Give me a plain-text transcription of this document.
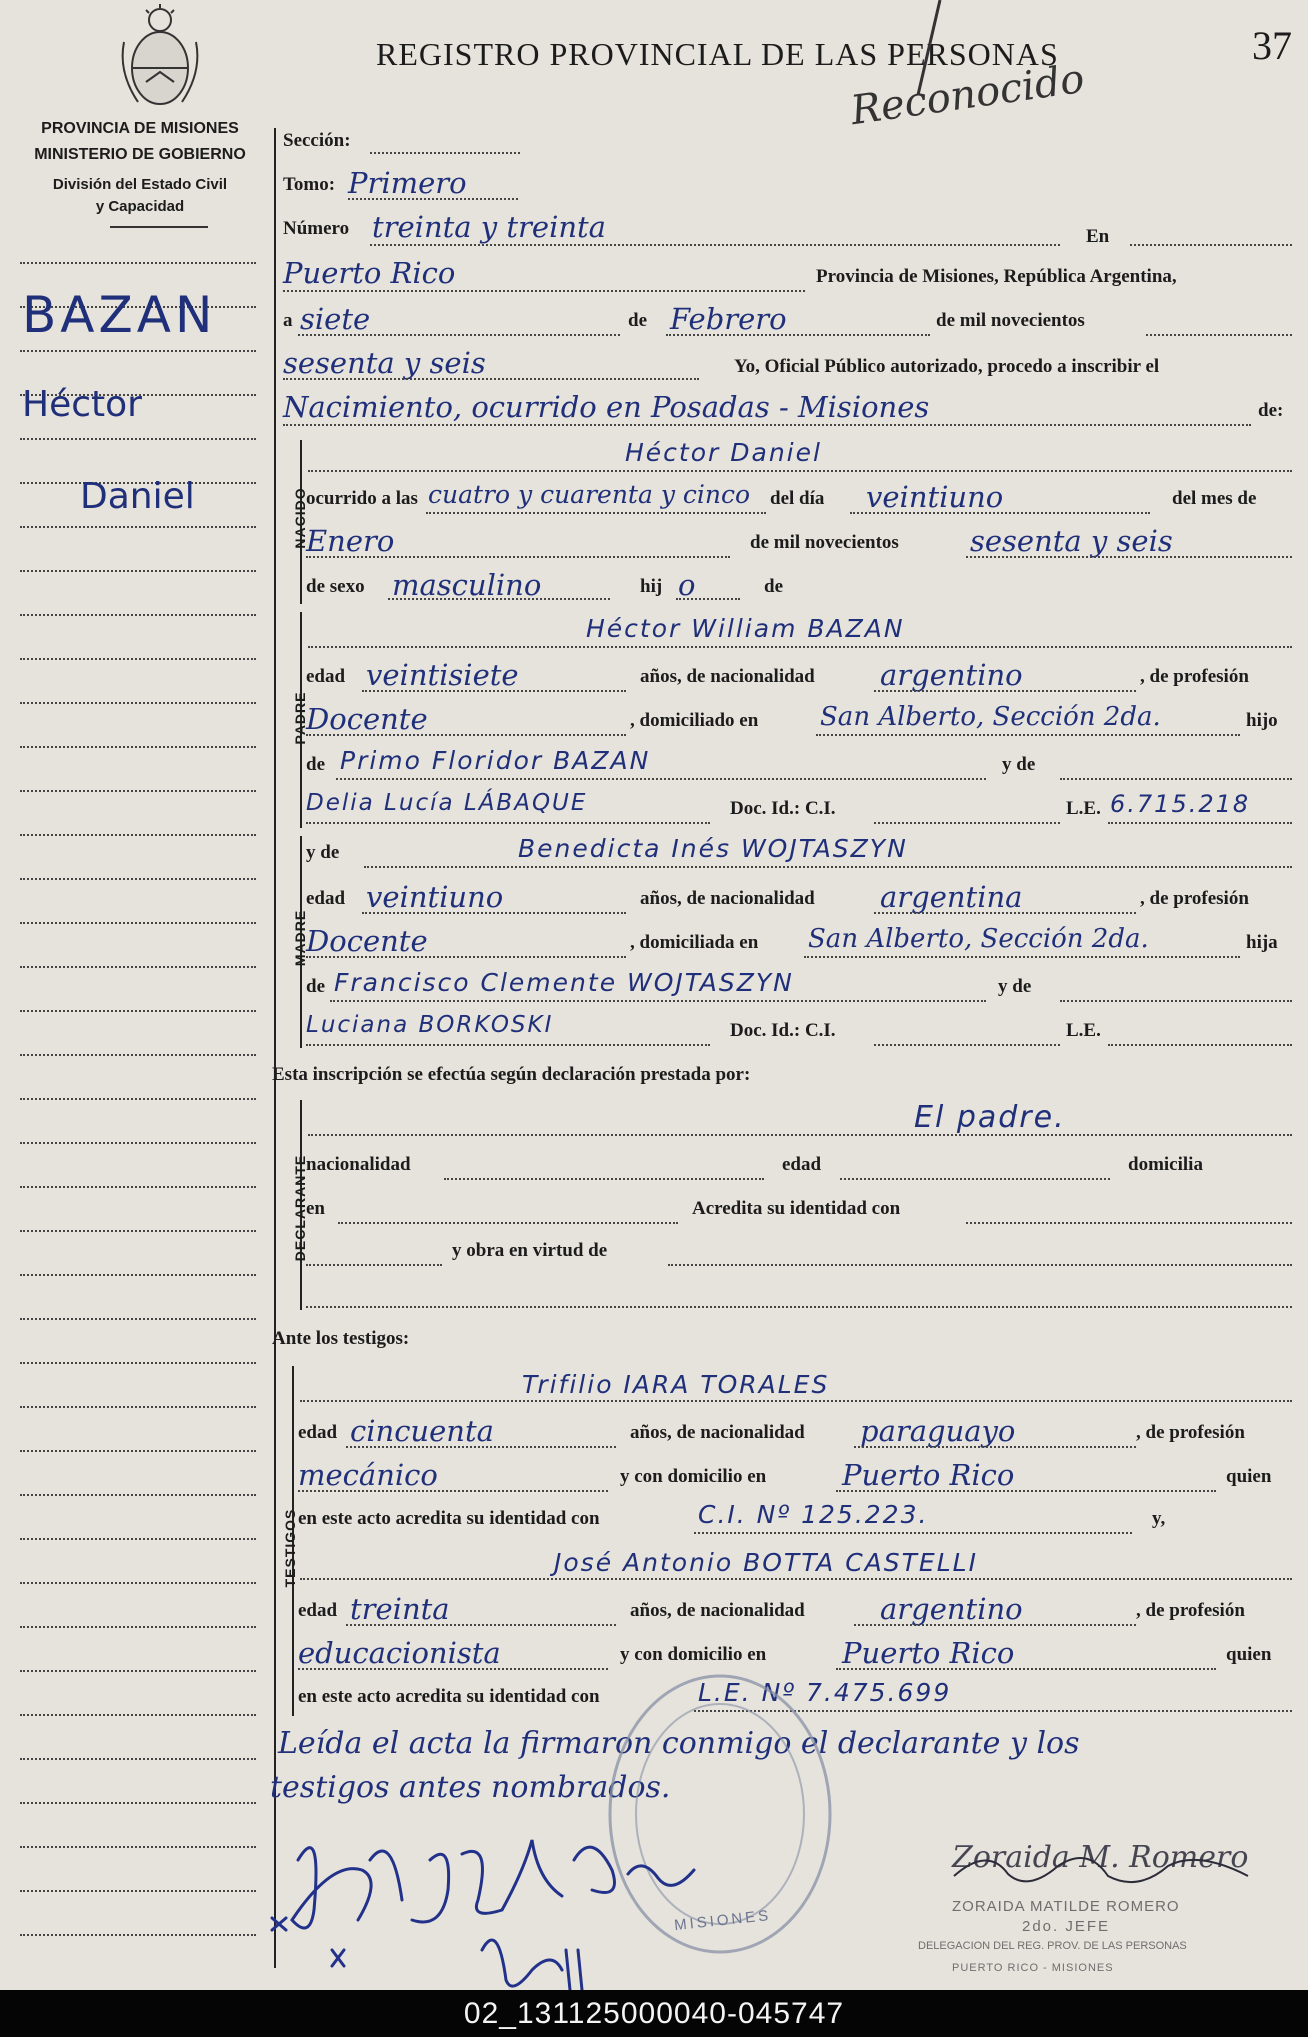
REGISTRO PROVINCIAL DE LAS PERSONAS	37
Reconocido
PROVINCIA DE MISIONES
MINISTERIO DE GOBIERNO
División del Estado Civil
y Capacidad
BAZAN
Héctor
Daniel
Sección:
Tomo: Primero
Número treinta y treinta	En
Puerto Rico	Provincia de Misiones, República Argentina,
a siete	de Febrero	de mil novecientos
sesenta y seis	Yo, Oficial Público autorizado, procedo a inscribir el
Nacimiento, ocurrido en Posadas - Misiones	de:
NACIDO
Héctor Daniel
ocurrido a las cuatro y cuarenta y cinco del día veintiuno	del mes de
Enero	de mil novecientos sesenta y seis
de sexo masculino	hij o	de
PADRE
Héctor William BAZAN
edad veintisiete	años, de nacionalidad argentino	, de profesión
Docente	, domiciliado en San Alberto, Sección 2da.	hijo
de Primo Floridor BAZAN	y de
Delia Lucía LÁBAQUE	Doc. Id.: C.I.	L.E. 6.715.218
MADRE
y de	Benedicta Inés WOJTASZYN
edad veintiuno	años, de nacionalidad argentina	, de profesión
Docente	, domiciliada en San Alberto, Sección 2da.	hija
de Francisco Clemente WOJTASZYN	y de
Luciana BORKOSKI	Doc. Id.: C.I.	L.E.
Esta inscripción se efectúa según declaración prestada por:
DECLARANTE
El padre.
nacionalidad	edad	domicilia
en	Acredita su identidad con
y obra en virtud de
Ante los testigos:
TESTIGOS
Trifilio IARA TORALES
edad cincuenta	años, de nacionalidad paraguayo	, de profesión
mecánico	y con domicilio en	Puerto Rico	quien
en este acto acredita su identidad con	C.I. Nº 125.223.	y,
José Antonio BOTTA CASTELLI
edad treinta	años, de nacionalidad	argentino	, de profesión
educacionista	y con domicilio en	Puerto Rico	quien
en este acto acredita su identidad con	L.E. Nº 7.475.699
Leída el acta la firmaron conmigo el declarante y los
testigos antes nombrados.
MISIONES
Zoraida M. Romero
ZORAIDA MATILDE ROMERO
2do. JEFE
DELEGACION DEL REG. PROV. DE LAS PERSONAS
PUERTO RICO - MISIONES
02_131125000040-045747
